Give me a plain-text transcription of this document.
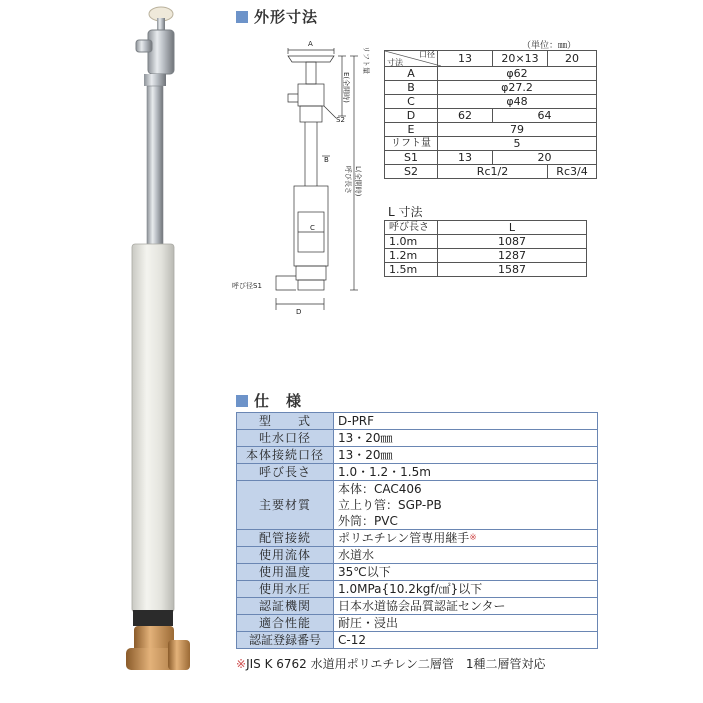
外形寸法
A
リフト量
E(全開時)
S2
B
呼び長さ L(全開時)
C
呼び径S1
D
（単位：㎜）
口径
寸法	13	20×13	20
A	φ62		
B	φ27.2		
C	φ48		
D	62	64	
E	79		
リフト量	5		
S1	13	20	
S2	Rc1/2		Rc3/4
L 寸法
呼び長さ	L
1.0m	1087
1.2m	1287
1.5m	1587
仕　様
型　　式	D-PRF
吐水口径	13・20㎜
本体接続口径	13・20㎜
呼び長さ	1.0・1.2・1.5m
主要材質	本体：CAC406
立上り管：SGP-PB
外筒：PVC

配管接続	ポリエチレン管専用継手※
使用流体	水道水
使用温度	35℃以下
使用水圧	1.0MPa{10.2kgf/㎠}以下
認証機関	日本水道協会品質認証センター
適合性能	耐圧・浸出
認証登録番号	C-12
※JIS K 6762 水道用ポリエチレン二層管　1種二層管対応
